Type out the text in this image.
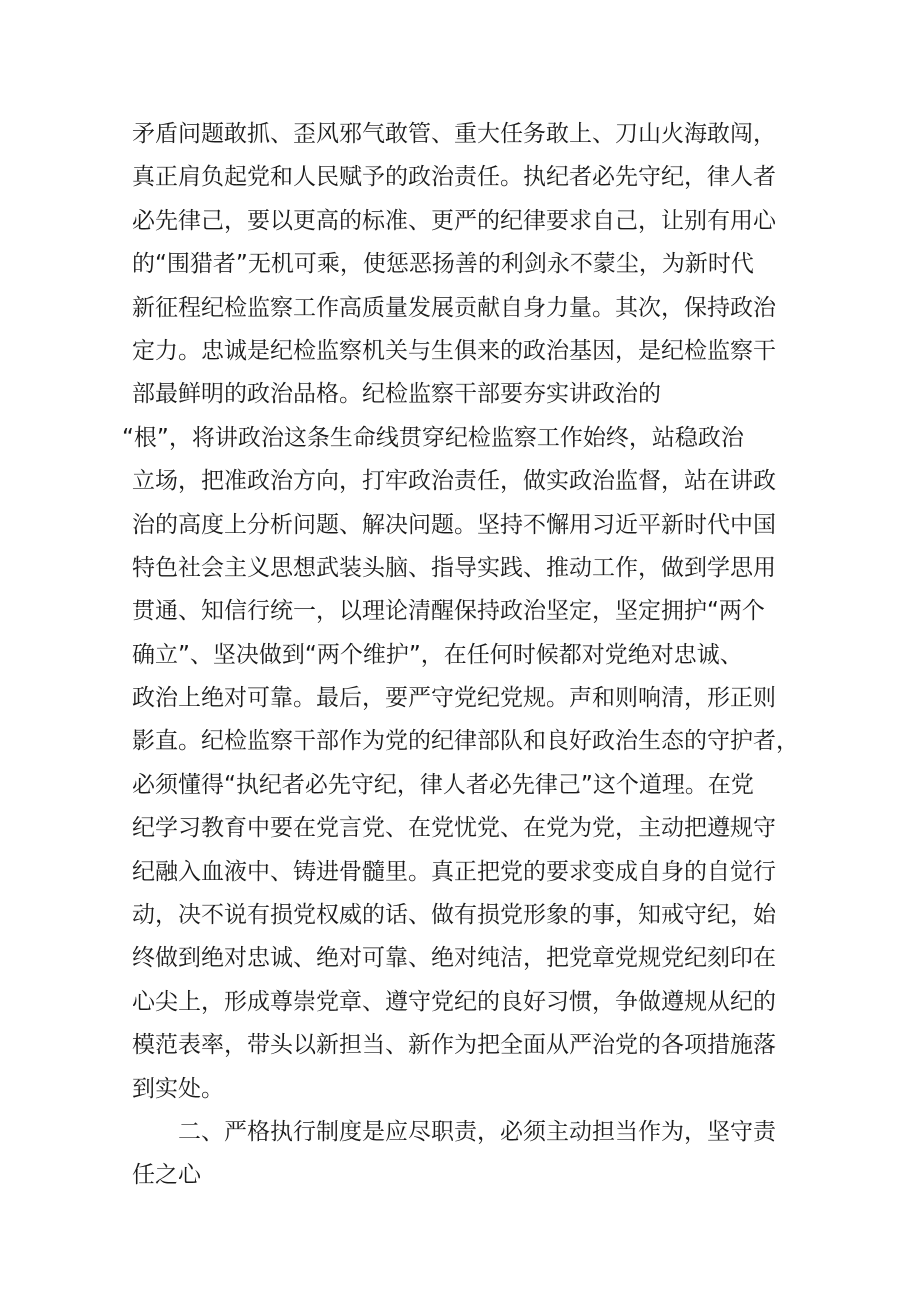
矛盾问题敢抓、歪风邪气敢管、重大任务敢上、刀山火海敢闯，
真正肩负起党和人民赋予的政治责任。执纪者必先守纪，律人者
必先律己，要以更高的标准、更严的纪律要求自己，让别有用心
的“围猎者”无机可乘，使惩恶扬善的利剑永不蒙尘，为新时代
新征程纪检监察工作高质量发展贡献自身力量。其次，保持政治
定力。忠诚是纪检监察机关与生俱来的政治基因，是纪检监察干
部最鲜明的政治品格。纪检监察干部要夯实讲政治的
“根”，将讲政治这条生命线贯穿纪检监察工作始终，站稳政治
立场，把准政治方向，打牢政治责任，做实政治监督，站在讲政
治的高度上分析问题、解决问题。坚持不懈用习近平新时代中国
特色社会主义思想武装头脑、指导实践、推动工作，做到学思用
贯通、知信行统一，以理论清醒保持政治坚定，坚定拥护“两个
确立”、坚决做到“两个维护”，在任何时候都对党绝对忠诚、
政治上绝对可靠。最后，要严守党纪党规。声和则响清，形正则
影直。纪检监察干部作为党的纪律部队和良好政治生态的守护者，
必须懂得“执纪者必先守纪，律人者必先律己”这个道理。在党
纪学习教育中要在党言党、在党忧党、在党为党，主动把遵规守
纪融入血液中、铸进骨髓里。真正把党的要求变成自身的自觉行
动，决不说有损党权威的话、做有损党形象的事，知戒守纪，始
终做到绝对忠诚、绝对可靠、绝对纯洁，把党章党规党纪刻印在
心尖上，形成尊崇党章、遵守党纪的良好习惯，争做遵规从纪的
模范表率，带头以新担当、新作为把全面从严治党的各项措施落
到实处。
二、严格执行制度是应尽职责，必须主动担当作为，坚守责
任之心
